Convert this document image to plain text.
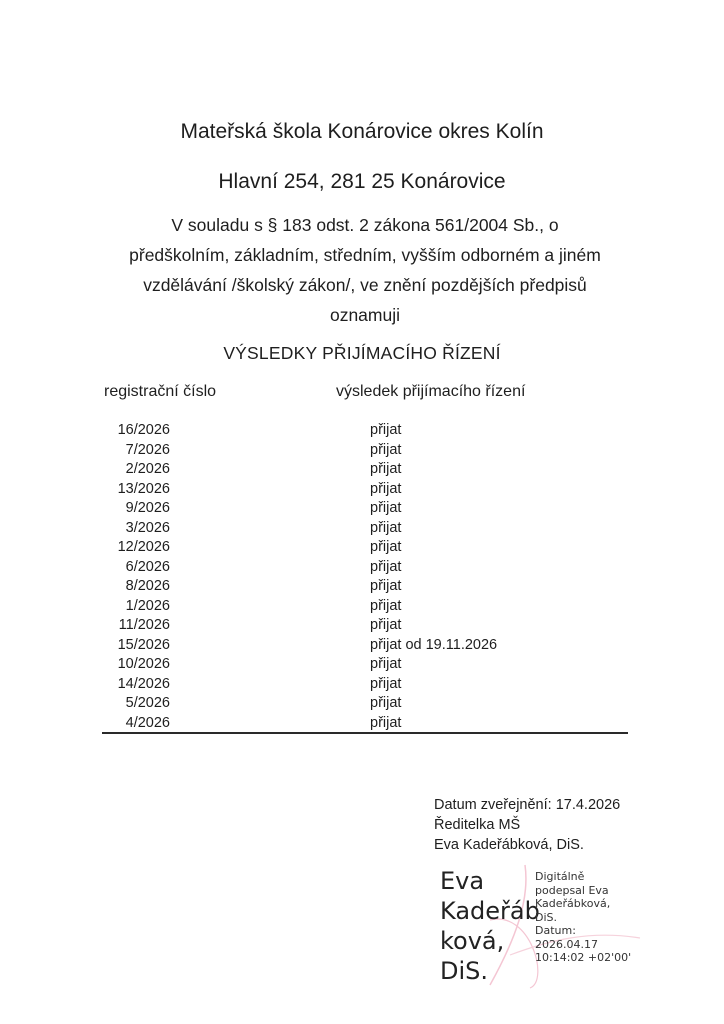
Mateřská škola Konárovice okres Kolín
Hlavní 254, 281 25 Konárovice
V souladu s § 183 odst. 2 zákona 561/2004 Sb., o
předškolním, základním, středním, vyšším odborném a jiném
vzdělávání /školský zákon/, ve znění pozdějších předpisů
oznamuji
VÝSLEDKY PŘIJÍMACÍHO ŘÍZENÍ
registrační číslo	výsledek přijímacího řízení
16/2026	přijat
7/2026	přijat
2/2026	přijat
13/2026	přijat
9/2026	přijat
3/2026	přijat
12/2026	přijat
6/2026	přijat
8/2026	přijat
1/2026	přijat
11/2026	přijat
15/2026	přijat od 19.11.2026
10/2026	přijat
14/2026	přijat
5/2026	přijat
4/2026	přijat
Datum zveřejnění: 17.4.2026
Ředitelka MŠ
Eva Kadeřábková, DiS.
Eva
Kadeřáb
ková,
DiS.
Digitálně
podepsal Eva
Kadeřábková,
DiS.
Datum:
2026.04.17
10:14:02 +02'00'
